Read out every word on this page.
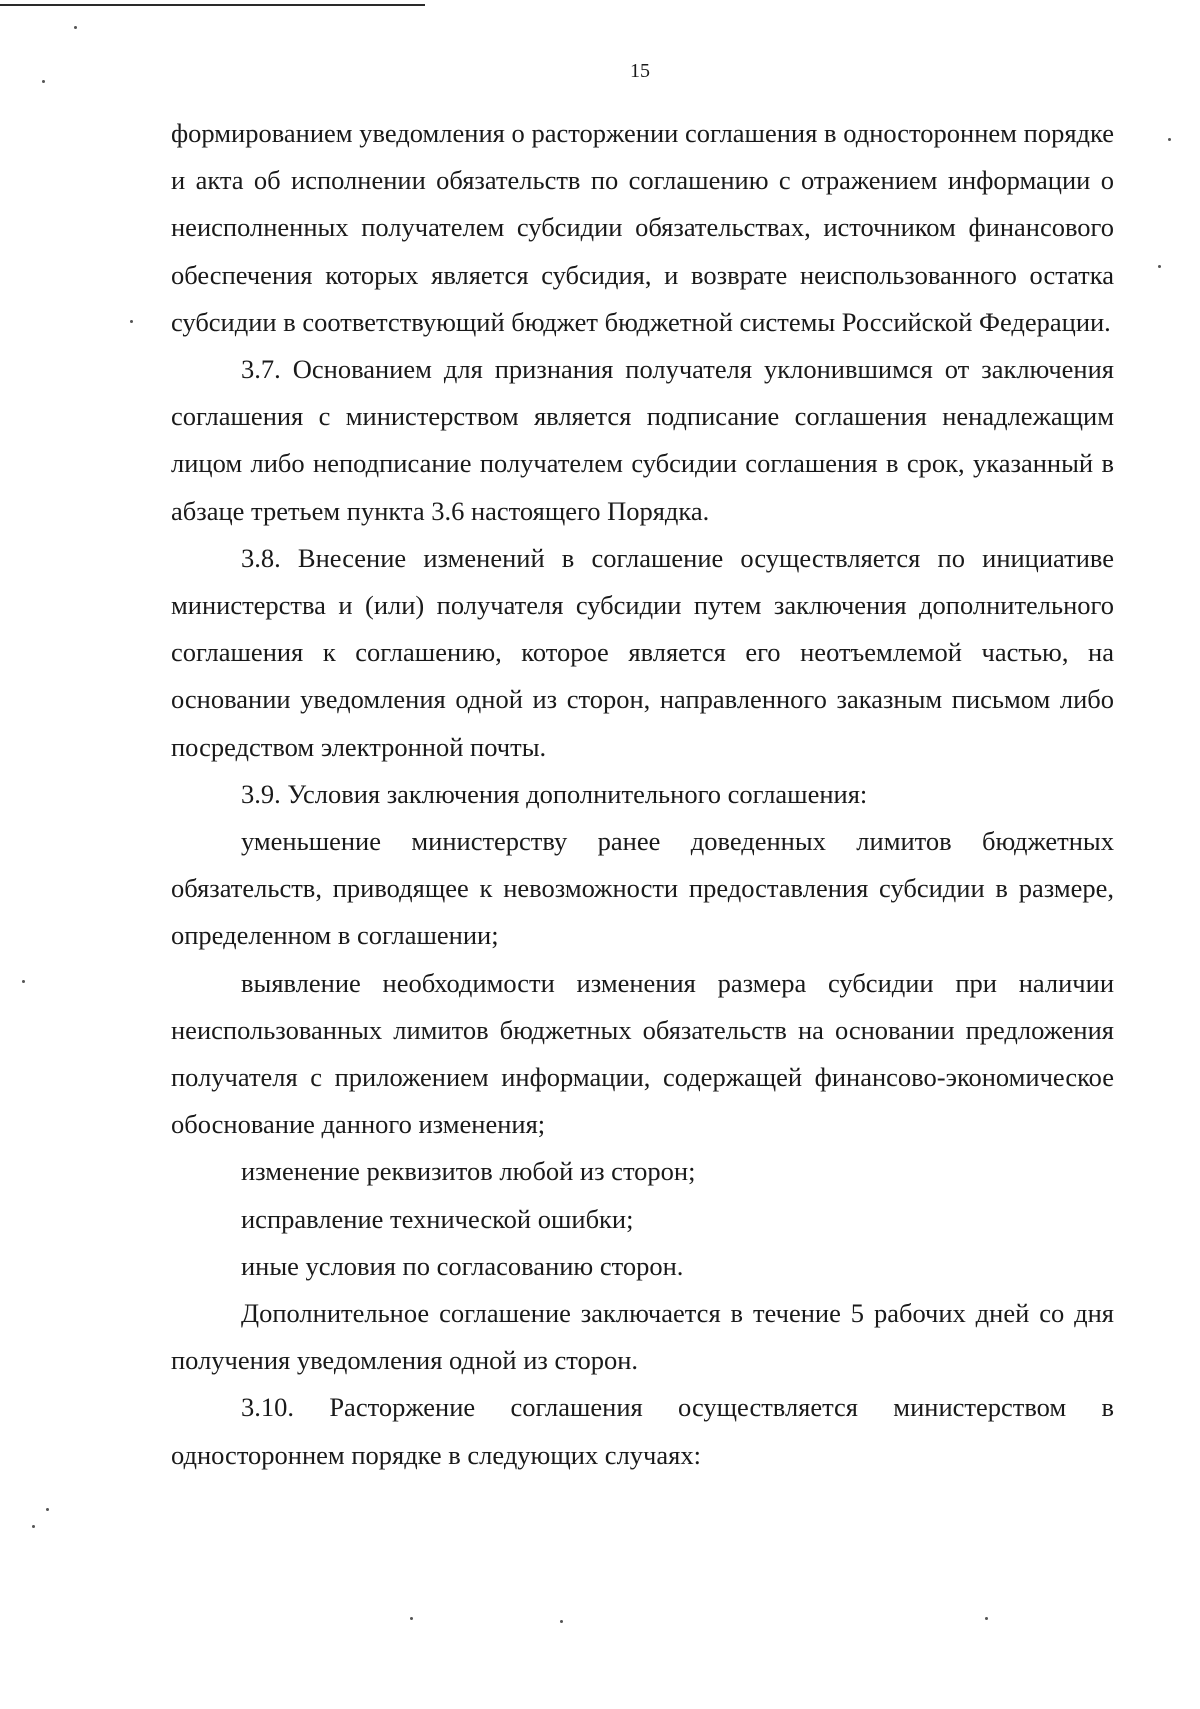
15

формированием уведомления о расторжении соглашения в одностороннем порядке и акта об исполнении обязательств по соглашению с отражением информации о неисполненных получателем субсидии обязательствах, источником финансового обеспечения которых является субсидия, и возврате неиспользованного остатка субсидии в соответствующий бюджет бюджетной системы Российской Федерации.

3.7. Основанием для признания получателя уклонившимся от заключения соглашения с министерством является подписание соглашения ненадлежащим лицом либо неподписание получателем субсидии соглашения в срок, указанный в абзаце третьем пункта 3.6 настоящего Порядка.

3.8. Внесение изменений в соглашение осуществляется по инициативе министерства и (или) получателя субсидии путем заключения дополнительного соглашения к соглашению, которое является его неотъемлемой частью, на основании уведомления одной из сторон, направленного заказным письмом либо посредством электронной почты.

3.9. Условия заключения дополнительного соглашения:

уменьшение министерству ранее доведенных лимитов бюджетных обязательств, приводящее к невозможности предоставления субсидии в размере, определенном в соглашении;

выявление необходимости изменения размера субсидии при наличии неиспользованных лимитов бюджетных обязательств на основании предложения получателя с приложением информации, содержащей финансово-экономическое обоснование данного изменения;

изменение реквизитов любой из сторон;

исправление технической ошибки;

иные условия по согласованию сторон.

Дополнительное соглашение заключается в течение 5 рабочих дней со дня получения уведомления одной из сторон.

3.10. Расторжение соглашения осуществляется министерством в одностороннем порядке в следующих случаях:
